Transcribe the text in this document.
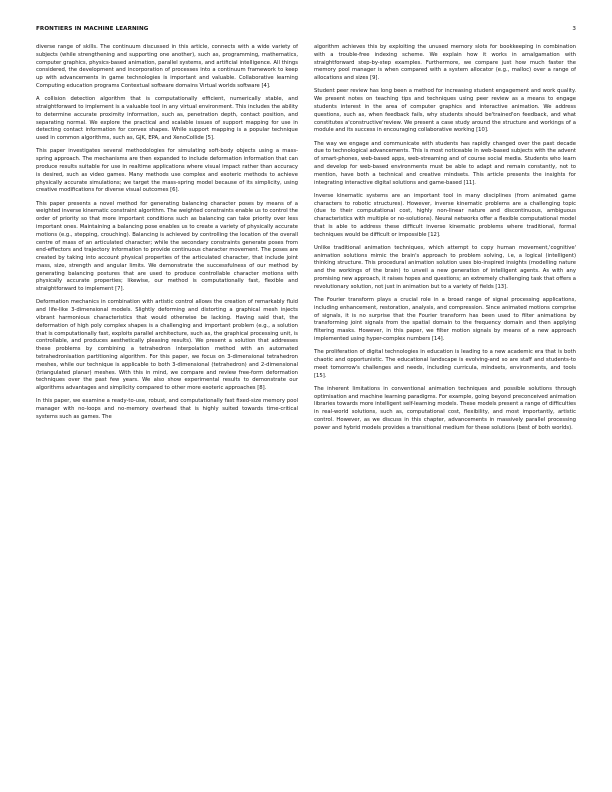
FRONTIERS IN MACHINE LEARNING	3

diverse range of skills. The continuum discussed in this article, connects with a wide variety of subjects (while strengthening and supporting one another), such as, programming, mathematics, computer graphics, physics-based animation, parallel systems, and artificial intelligence. All things considered, the development and incorporation of processes into a continuum framework to keep up with advancements in game technologies is important and valuable. Collaborative learning Computing education programs Contextual software domains Virtual worlds software [4].

A collision detection algorithm that is computationally efficient, numerically stable, and straightforward to implement is a valuable tool in any virtual environment. This includes the ability to determine accurate proximity information, such as, penetration depth, contact position, and separating normal. We explore the practical and scalable issues of support mapping for use in detecting contact information for convex shapes. While support mapping is a popular technique used in common algorithms, such as, GJK, EPA, and XenoCollide [5].

This paper investigates several methodologies for simulating soft-body objects using a mass- spring approach. The mechanisms are then expanded to include deformation information that can produce results suitable for use in realtime applications where visual impact rather than accuracy is desired, such as video games. Many methods use complex and esoteric methods to achieve physically accurate simulations; we target the mass-spring model because of its simplicity, using creative modifications for diverse visual outcomes [6].

This paper presents a novel method for generating balancing character poses by means of a weighted inverse kinematic constraint algorithm. The weighted constraints enable us to control the order of priority so that more important conditions such as balancing can take priority over less important ones. Maintaining a balancing pose enables us to create a variety of physically accurate motions (e.g., stepping, crouching). Balancing is achieved by controlling the location of the overall centre of mass of an articulated character; while the secondary constraints generate poses from end-effectors and trajectory information to provide continuous character movement. The poses are created by taking into account physical properties of the articulated character, that include joint mass, size, strength and angular limits. We demonstrate the successfulness of our method by generating balancing postures that are used to produce controllable character motions with physically accurate properties; likewise, our method is computationally fast, flexible and straightforward to implement [7].

Deformation mechanics in combination with artistic control allows the creation of remarkably fluid and life-like 3-dimensional models. Slightly deforming and distorting a graphical mesh injects vibrant harmonious characteristics that would otherwise be lacking. Having said that, the deformation of high poly complex shapes is a challenging and important problem (e.g., a solution that is computationally fast, exploits parallel architecture, such as, the graphical processing unit, is controllable, and produces aesthetically pleasing results). We present a solution that addresses these problems by combining a tetrahedron interpolation method with an automated tetrahedronisation partitioning algorithm. For this paper, we focus on 3-dimensional tetrahedron meshes, while our technique is applicable to both 3-dimensional (tetrahedron) and 2-dimensional (triangulated planar) meshes. With this in mind, we compare and review free-form deformation techniques over the past few years. We also show experimental results to demonstrate our algorithms advantages and simplicity compared to other more esoteric approaches [8].

In this paper, we examine a ready-to-use, robust, and computationally fast fixed-size memory pool manager with no-loops and no-memory overhead that is highly suited towards time-critical systems such as games. The

algorithm achieves this by exploiting the unused memory slots for bookkeeping in combination with a trouble-free indexing scheme. We explain how it works in amalgamation with straightforward step-by-step examples. Furthermore, we compare just how much faster the memory pool manager is when compared with a system allocator (e.g., malloc) over a range of allocations and sizes [9].

Student peer review has long been a method for increasing student engagement and work quality. We present notes on teaching tips and techniques using peer review as a means to engage students interest in the area of computer graphics and interactive animation. We address questions, such as, when feedback fails, why students should be'trained'on feedback, and what constitutes a'constructive'review. We present a case study around the structure and workings of a module and its success in encouraging collaborative working [10].

The way we engage and communicate with students has rapidly changed over the past decade due to technological advancements. This is most noticeable in web-based subjects with the advent of smart-phones, web-based apps, web-streaming and of course social media. Students who learn and develop for web-based environments must be able to adapt and remain constantly, not to mention, have both a technical and creative mindsets. This article presents the insights for integrating interactive digital solutions and game-based [11].

Inverse kinematic systems are an important tool in many disciplines (from animated game characters to robotic structures). However, inverse kinematic problems are a challenging topic (due to their computational cost, highly non-linear nature and discontinuous, ambiguous characteristics with multiple or no-solutions). Neural networks offer a flexible computational model that is able to address these difficult inverse kinematic problems where traditional, formal techniques would be difficult or impossible [12].

Unlike traditional animation techniques, which attempt to copy human movement,'cognitive' animation solutions mimic the brain's approach to problem solving, i.e, a logical (intelligent) thinking structure. This procedural animation solution uses bio-inspired insights (modelling nature and the workings of the brain) to unveil a new generation of intelligent agents. As with any promising new approach, it raises hopes and questions; an extremely challenging task that offers a revolutionary solution, not just in animation but to a variety of fields [13].

The Fourier transform plays a crucial role in a broad range of signal processing applications, including enhancement, restoration, analysis, and compression. Since animated motions comprise of signals, it is no surprise that the Fourier transform has been used to filter animations by transforming joint signals from the spatial domain to the frequency domain and then applying filtering masks. However, in this paper, we filter motion signals by means of a new approach implemented using hyper-complex numbers [14].

The proliferation of digital technologies in education is leading to a new academic era that is both chaotic and opportunistic. The educational landscape is evolving-and so are staff and students-to meet tomorrow's challenges and needs, including curricula, mindsets, environments, and tools [15].

The inherent limitations in conventional animation techniques and possible solutions through optimisation and machine learning paradigms. For example, going beyond preconceived animation libraries towards more intelligent self-learning models. These models present a range of difficulties in real-world solutions, such as, computational cost, flexibility, and most importantly, artistic control. However, as we discuss in this chapter, advancements in massively parallel processing power and hybrid models provides a transitional medium for these solutions (best of both worlds).
